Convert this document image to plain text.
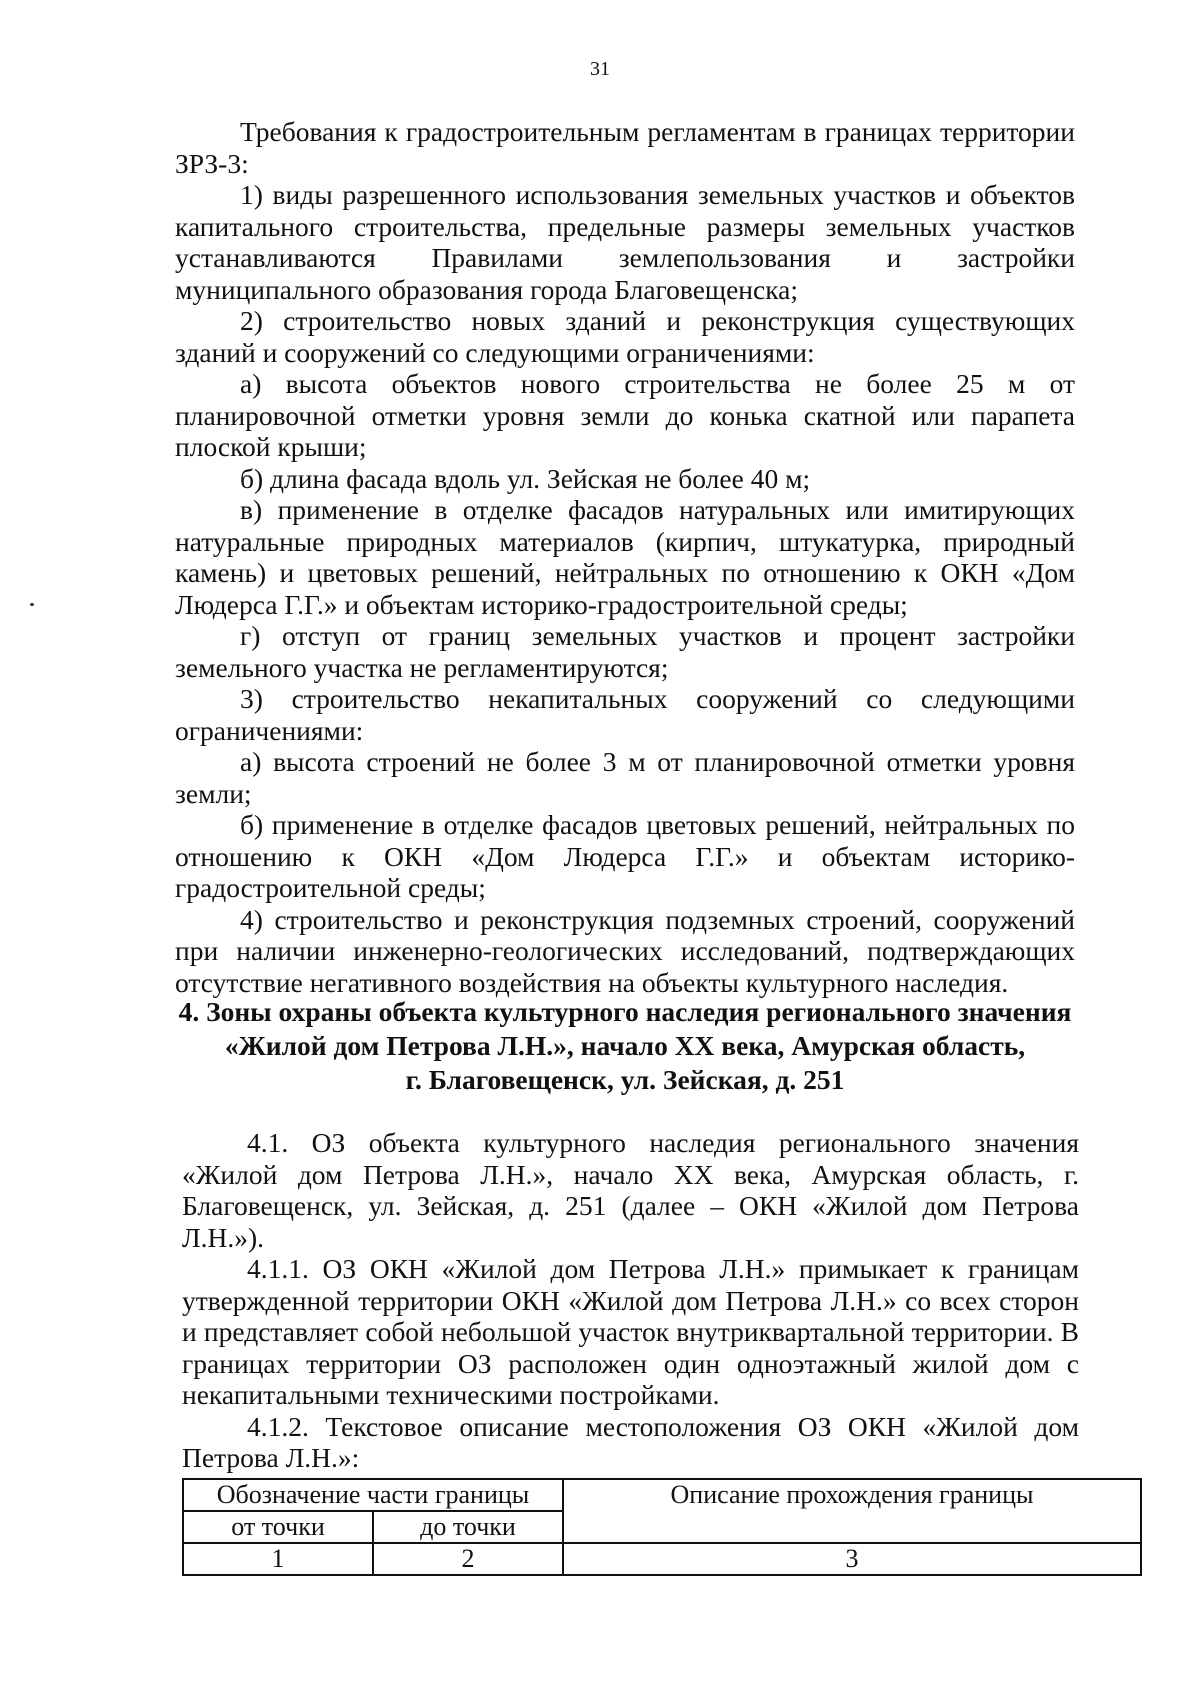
31

Требования к градостроительным регламентам в границах территории ЗРЗ-3:

1) виды разрешенного использования земельных участков и объектов капитального строительства, предельные размеры земельных участков устанавливаются Правилами землепользования и застройки муниципального образования города Благовещенска;

2) строительство новых зданий и реконструкция существующих зданий и сооружений со следующими ограничениями:

а) высота объектов нового строительства не более 25 м от планировочной отметки уровня земли до конька скатной или парапета плоской крыши;

б) длина фасада вдоль ул. Зейская не более 40 м;

в) применение в отделке фасадов натуральных или имитирующих натуральные природных материалов (кирпич, штукатурка, природный камень) и цветовых решений, нейтральных по отношению к ОКН «Дом Людерса Г.Г.» и объектам историко-градостроительной среды;

г) отступ от границ земельных участков и процент застройки земельного участка не регламентируются;

3) строительство некапитальных сооружений со следующими ограничениями:

а) высота строений не более 3 м от планировочной отметки уровня земли;

б) применение в отделке фасадов цветовых решений, нейтральных по отношению к ОКН «Дом Людерса Г.Г.» и объектам историко-градостроительной среды;

4) строительство и реконструкция подземных строений, сооружений при наличии инженерно-геологических исследований, подтверждающих отсутствие негативного воздействия на объекты культурного наследия.

4. Зоны охраны объекта культурного наследия регионального значения
«Жилой дом Петрова Л.Н.», начало XX века, Амурская область,
г. Благовещенск, ул. Зейская, д. 251

4.1. ОЗ объекта культурного наследия регионального значения «Жилой дом Петрова Л.Н.», начало XX века, Амурская область, г. Благовещенск, ул. Зейская, д. 251 (далее – ОКН «Жилой дом Петрова Л.Н.»).

4.1.1. ОЗ ОКН «Жилой дом Петрова Л.Н.» примыкает к границам утвержденной территории ОКН «Жилой дом Петрова Л.Н.» со всех сторон и представляет собой небольшой участок внутриквартальной территории. В границах территории ОЗ расположен один одноэтажный жилой дом с некапитальными техническими постройками.

4.1.2. Текстовое описание местоположения ОЗ ОКН «Жилой дом Петрова Л.Н.»:

Обозначение части границы		Описание прохождения границы
от точки	до точки	
1	2	3
